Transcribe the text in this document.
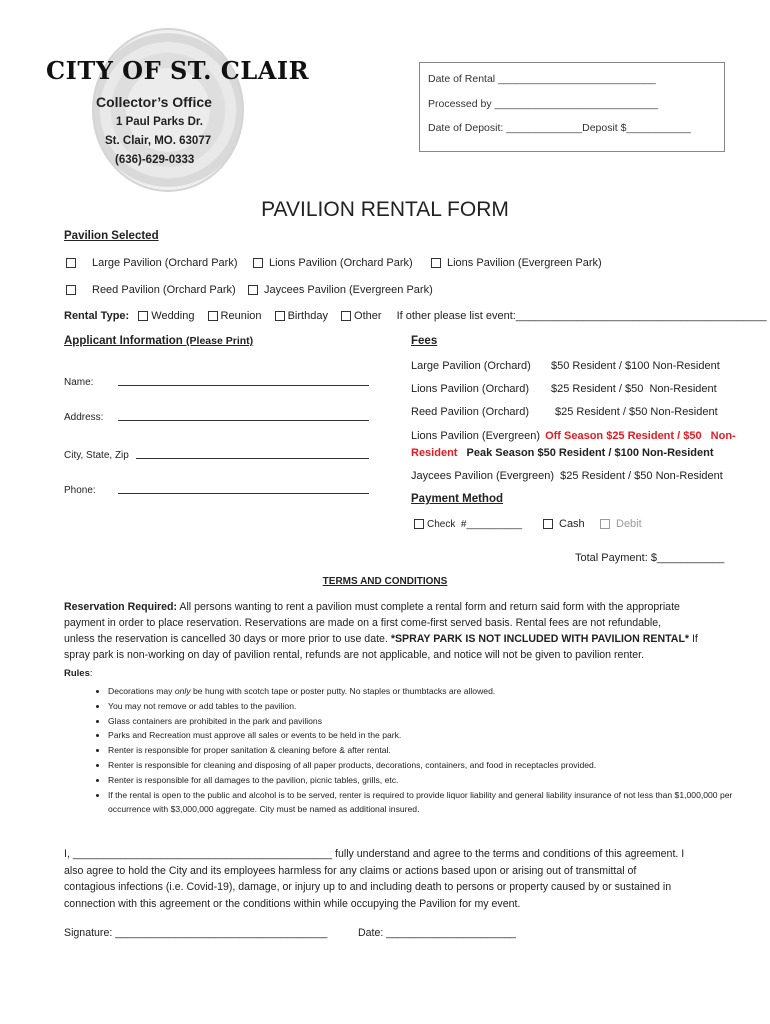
CITY OF ST. CLAIR
Collector’s Office
1 Paul Parks Dr.
St. Clair, MO. 63077
(636)-629-0333
Date of Rental ___________________________
Processed by ____________________________
Date of Deposit: _____________Deposit $___________
PAVILION RENTAL FORM
Pavilion Selected
Large Pavilion (Orchard Park)	Lions Pavilion (Orchard Park)	Lions Pavilion (Evergreen Park)
Reed Pavilion (Orchard Park)	Jaycees Pavilion (Evergreen Park)
Rental Type: Wedding Reunion Birthday Other If other please list event:_________________________________________
Applicant Information (Please Print)
Name:
Address:
City, State, Zip
Phone:
Fees
Large Pavilion (Orchard) $50 Resident / $100 Non-Resident
Lions Pavilion (Orchard) $25 Resident / $50  Non-Resident
Reed Pavilion (Orchard) $25 Resident / $50 Non-Resident
Lions Pavilion (Evergreen) Off Season $25 Resident / $50 Non-
Resident Peak Season $50 Resident / $100 Non-Resident
Jaycees Pavilion (Evergreen)  $25 Resident / $50 Non-Resident
Payment Method
Check  #__________	Cash	Debit
Total Payment: $___________
TERMS AND CONDITIONS
Reservation Required: All persons wanting to rent a pavilion must complete a rental form and return said form with the appropriate
payment in order to place reservation. Reservations are made on a first come-first served basis. Rental fees are not refundable,
unless the reservation is cancelled 30 days or more prior to use date. *SPRAY PARK IS NOT INCLUDED WITH PAVILION RENTAL* If
spray park is non-working on day of pavilion rental, refunds are not applicable, and notice will not be given to pavilion renter.
Rules:
• Decorations may only be hung with scotch tape or poster putty. No staples or thumbtacks are allowed.
• You may not remove or add tables to the pavilion.
• Glass containers are prohibited in the park and pavilions
• Parks and Recreation must approve all sales or events to be held in the park.
• Renter is responsible for proper sanitation & cleaning before & after rental.
• Renter is responsible for cleaning and disposing of all paper products, decorations, containers, and food in receptacles provided.
• Renter is responsible for all damages to the pavilion, picnic tables, grills, etc.
• If the rental is open to the public and alcohol is to be served, renter is required to provide liquor liability and general liability insurance of not less than $1,000,000 per occurrence with $3,000,000 aggregate. City must be named as additional insured.
I, ____________________________________________ fully understand and agree to the terms and conditions of this agreement. I
also agree to hold the City and its employees harmless for any claims or actions based upon or arising out of transmittal of
contagious infections (i.e. Covid-19), damage, or injury up to and including death to persons or property caused by or sustained in
connection with this agreement or the conditions within while occupying the Pavilion for my event.
Signature: ____________________________________	Date: ______________________
